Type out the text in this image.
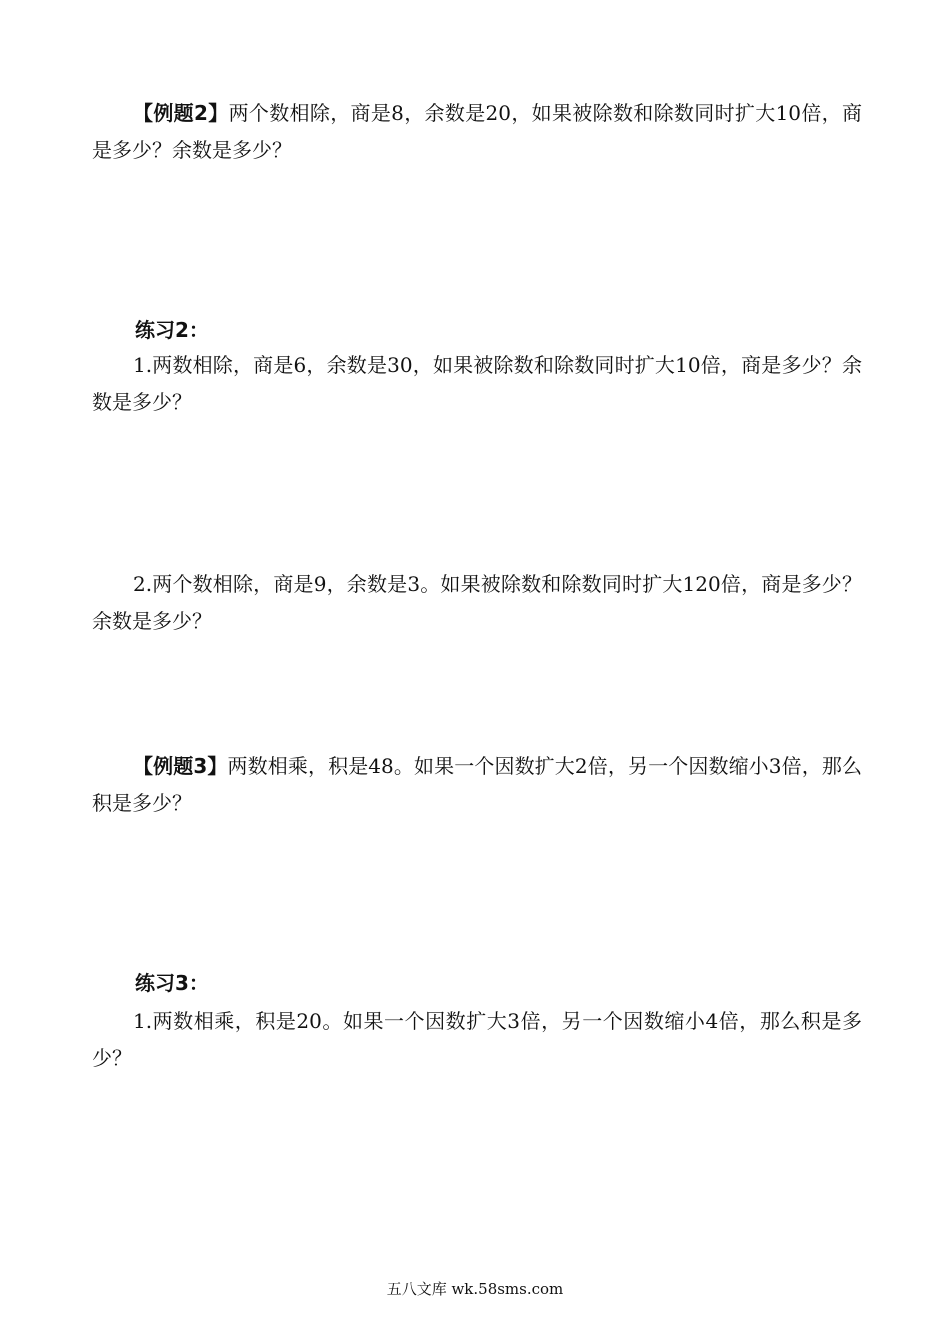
【例题2】两个数相除，商是8，余数是20，如果被除数和除数同时扩大10倍，商是多少？余数是多少？

练习2：

1.两数相除，商是6，余数是30，如果被除数和除数同时扩大10倍，商是多少？余数是多少？

2.两个数相除，商是9，余数是3。如果被除数和除数同时扩大120倍，商是多少？余数是多少？

【例题3】两数相乘，积是48。如果一个因数扩大2倍，另一个因数缩小3倍，那么积是多少？

练习3：

1.两数相乘，积是20。如果一个因数扩大3倍，另一个因数缩小4倍，那么积是多少？

五八文库 wk.58sms.com
